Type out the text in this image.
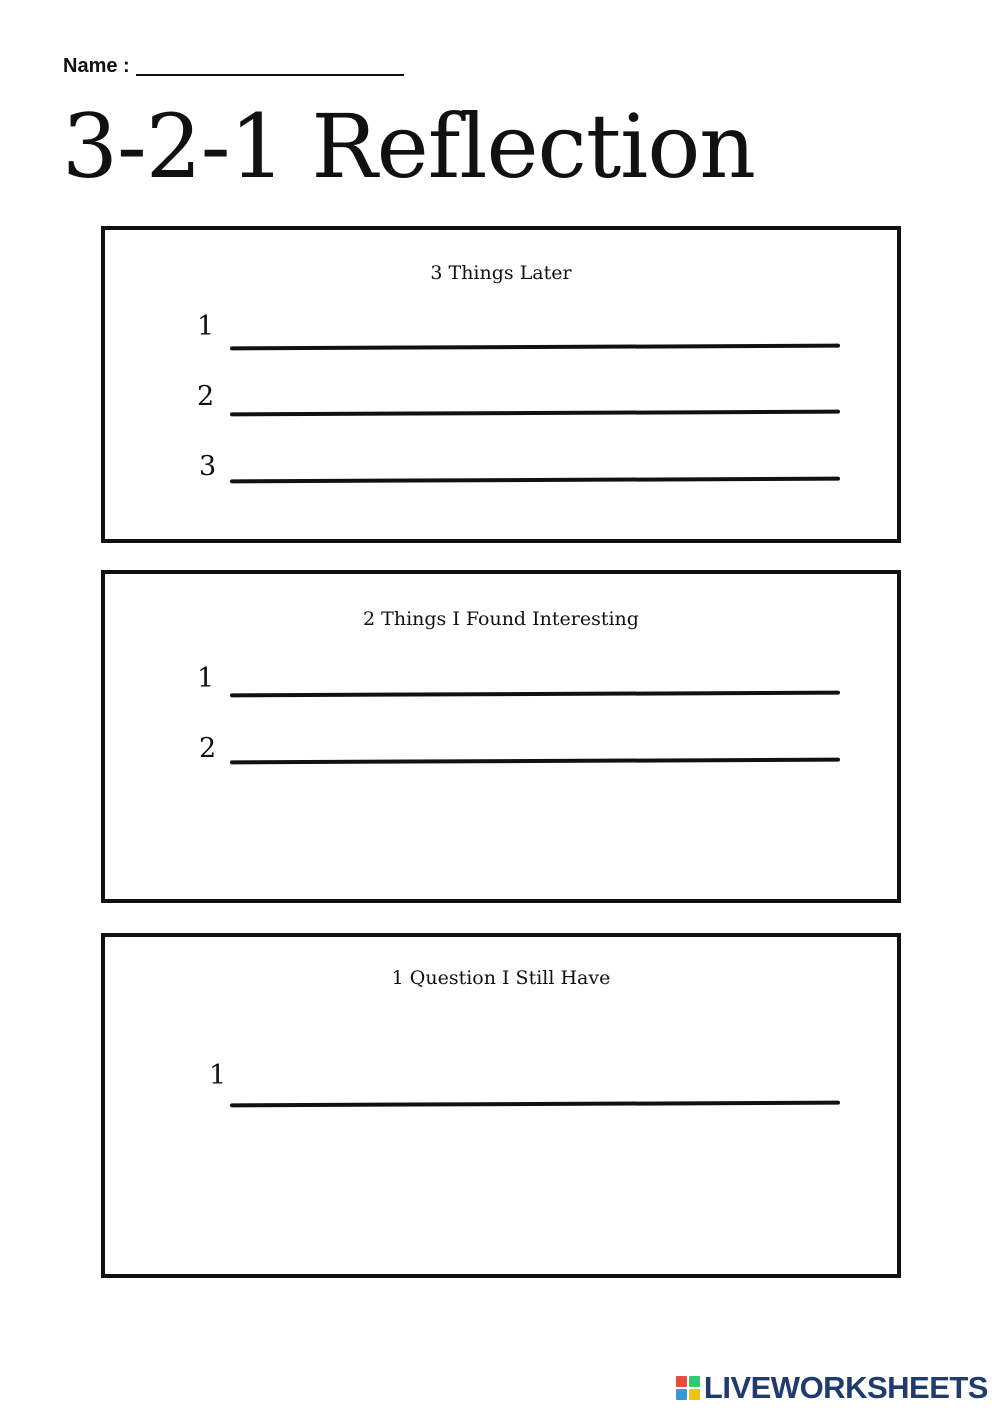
Name :
3-2-1 Reflection
3 Things Later
1
2
3
2 Things I Found Interesting
1
2
1 Question I Still Have
1
LIVEWORKSHEETS
